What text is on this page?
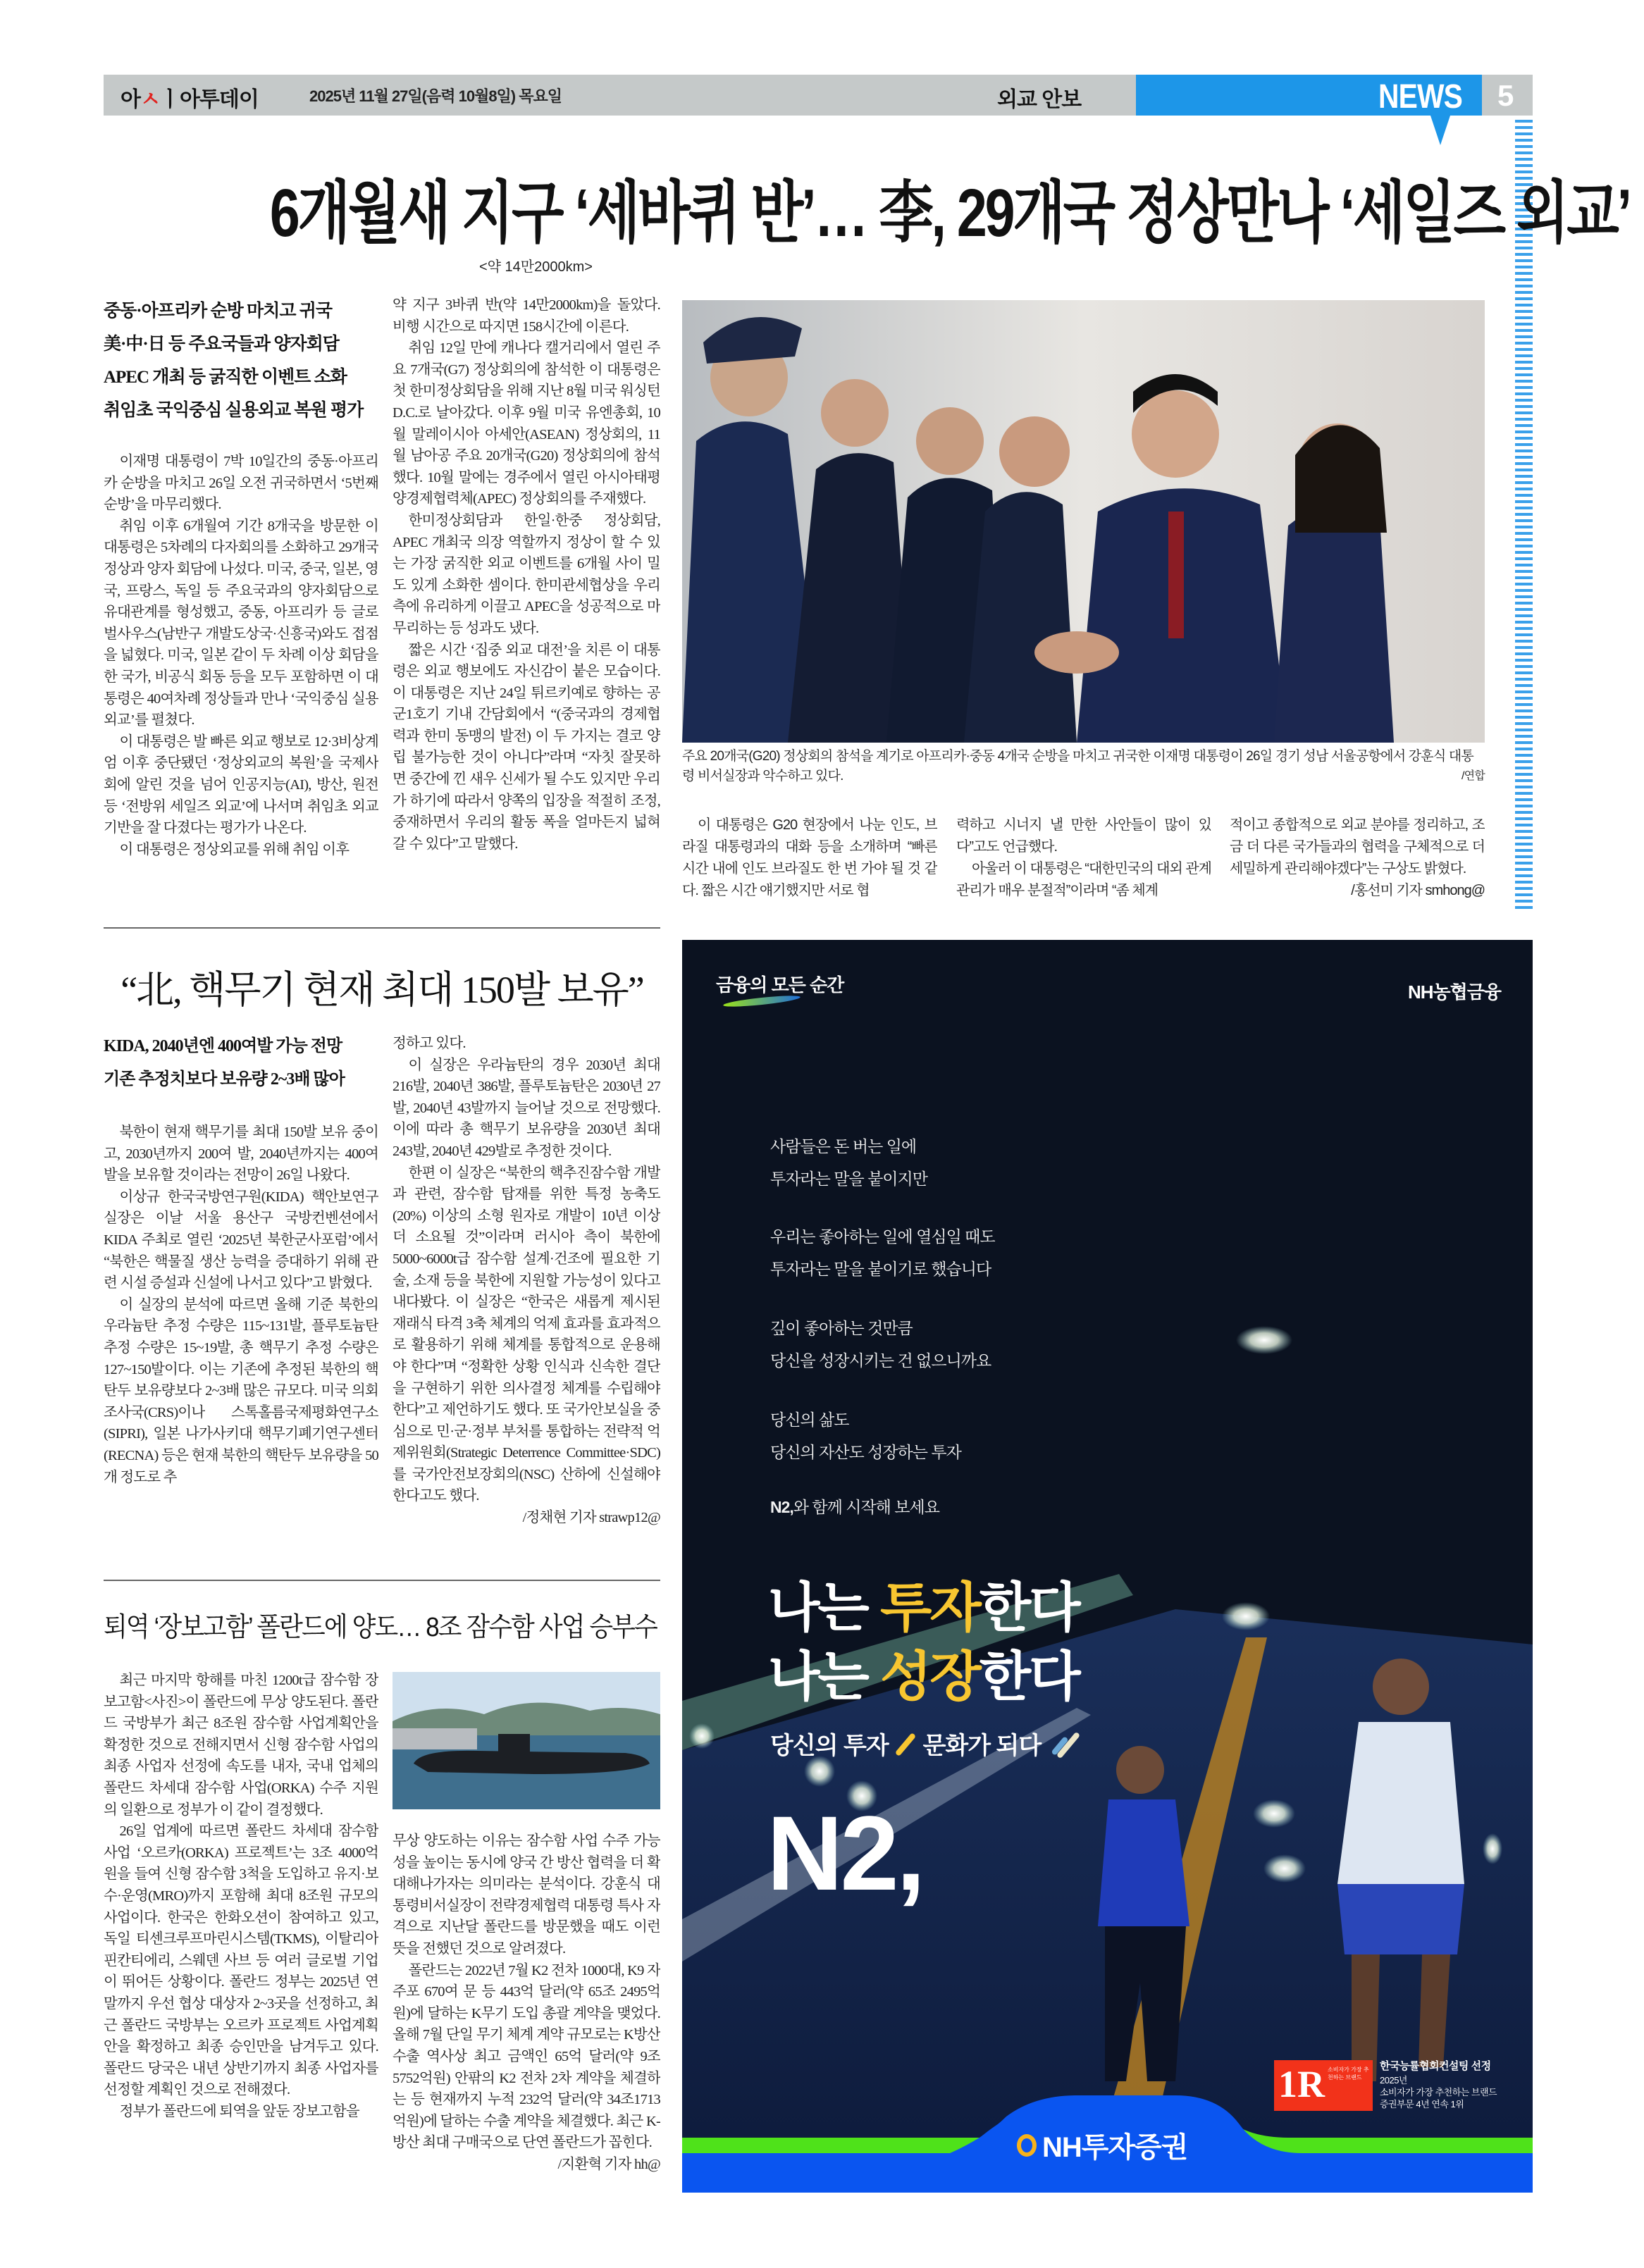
아ㅅㅣ아투데이	2025년 11월 27일(음력 10월8일) 목요일	외교 안보	NEWS 5
6개월새 지구 ‘세바퀴 반’… 李, 29개국 정상만나 ‘세일즈 외교’
<약 14만2000km>
중동·아프리카 순방 마치고 귀국
美·中·日 등 주요국들과 양자회담
APEC 개최 등 굵직한 이벤트 소화
취임초 국익중심 실용외교 복원 평가

이재명 대통령이 7박 10일간의 중동·아프리카 순방을 마치고 26일 오전 귀국하면서 ‘5번째 순방’을 마무리했다.

취임 이후 6개월여 기간 8개국을 방문한 이 대통령은 5차례의 다자회의를 소화하고 29개국 정상과 양자 회담에 나섰다. 미국, 중국, 일본, 영국, 프랑스, 독일 등 주요국과의 양자회담으로 유대관계를 형성했고, 중동, 아프리카 등 글로벌사우스(남반구 개발도상국·신흥국)와도 접점을 넓혔다. 미국, 일본 같이 두 차례 이상 회담을 한 국가, 비공식 회동 등을 모두 포함하면 이 대통령은 40여차례 정상들과 만나 ‘국익중심 실용외교’를 펼쳤다.

이 대통령은 발 빠른 외교 행보로 12·3비상계엄 이후 중단됐던 ‘정상외교의 복원’을 국제사회에 알린 것을 넘어 인공지능(AI), 방산, 원전 등 ‘전방위 세일즈 외교’에 나서며 취임초 외교 기반을 잘 다졌다는 평가가 나온다.

이 대통령은 정상외교를 위해 취임 이후

약 지구 3바퀴 반(약 14만2000km)을 돌았다. 비행 시간으로 따지면 158시간에 이른다.

취임 12일 만에 캐나다 캘거리에서 열린 주요 7개국(G7) 정상회의에 참석한 이 대통령은 첫 한미정상회담을 위해 지난 8월 미국 워싱턴D.C.로 날아갔다. 이후 9월 미국 유엔총회, 10월 말레이시아 아세안(ASEAN) 정상회의, 11월 남아공 주요 20개국(G20) 정상회의에 참석했다. 10월 말에는 경주에서 열린 아시아태평양경제협력체(APEC) 정상회의를 주재했다.

한미정상회담과 한일·한중 정상회담, APEC 개최국 의장 역할까지 정상이 할 수 있는 가장 굵직한 외교 이벤트를 6개월 사이 밀도 있게 소화한 셈이다. 한미관세협상을 우리 측에 유리하게 이끌고 APEC을 성공적으로 마무리하는 등 성과도 냈다.

짧은 시간 ‘집중 외교 대전’을 치른 이 대통령은 외교 행보에도 자신감이 붙은 모습이다. 이 대통령은 지난 24일 튀르키예로 향하는 공군1호기 기내 간담회에서 “(중국과의 경제협력과 한미 동맹의 발전) 이 두 가지는 결코 양립 불가능한 것이 아니다”라며 “자칫 잘못하면 중간에 낀 새우 신세가 될 수도 있지만 우리가 하기에 따라서 양쪽의 입장을 적절히 조정, 중재하면서 우리의 활동 폭을 얼마든지 넓혀갈 수 있다”고 말했다.

주요 20개국(G20) 정상회의 참석을 계기로 아프리카·중동 4개국 순방을 마치고 귀국한 이재명 대통령이 26일 경기 성남 서울공항에서 강훈식 대통령 비서실장과 악수하고 있다.	/연합

이 대통령은 G20 현장에서 나눈 인도, 브라질 대통령과의 대화 등을 소개하며 “빠른 시간 내에 인도 브라질도 한 번 가야 될 것 같다. 짧은 시간 얘기했지만 서로 협

력하고 시너지 낼 만한 사안들이 많이 있다”고도 언급했다.

아울러 이 대통령은 “대한민국의 대외 관계 관리가 매우 분절적”이라며 “좀 체계

적이고 종합적으로 외교 분야를 정리하고, 조금 더 다른 국가들과의 협력을 구체적으로 더 세밀하게 관리해야겠다”는 구상도 밝혔다.

/홍선미 기자 smhong@

“北, 핵무기 현재 최대 150발 보유”
KIDA, 2040년엔 400여발 가능 전망
기존 추정치보다 보유량 2~3배 많아

북한이 현재 핵무기를 최대 150발 보유 중이고, 2030년까지 200여 발, 2040년까지는 400여 발을 보유할 것이라는 전망이 26일 나왔다.

이상규 한국국방연구원(KIDA) 핵안보연구실장은 이날 서울 용산구 국방컨벤션에서 KIDA 주최로 열린 ‘2025년 북한군사포럼’에서 “북한은 핵물질 생산 능력을 증대하기 위해 관련 시설 증설과 신설에 나서고 있다”고 밝혔다.

이 실장의 분석에 따르면 올해 기준 북한의 우라늄탄 추정 수량은 115~131발, 플루토늄탄 추정 수량은 15~19발, 총 핵무기 추정 수량은 127~150발이다. 이는 기존에 추정된 북한의 핵탄두 보유량보다 2~3배 많은 규모다. 미국 의회조사국(CRS)이나 스톡홀름국제평화연구소(SIPRI), 일본 나가사키대 핵무기폐기연구센터(RECNA) 등은 현재 북한의 핵탄두 보유량을 50개 정도로 추

정하고 있다.

이 실장은 우라늄탄의 경우 2030년 최대 216발, 2040년 386발, 플루토늄탄은 2030년 27발, 2040년 43발까지 늘어날 것으로 전망했다. 이에 따라 총 핵무기 보유량을 2030년 최대 243발, 2040년 429발로 추정한 것이다.

한편 이 실장은 “북한의 핵추진잠수함 개발과 관련, 잠수함 탑재를 위한 특정 농축도(20%) 이상의 소형 원자로 개발이 10년 이상 더 소요될 것”이라며 러시아 측이 북한에 5000~6000t급 잠수함 설계·건조에 필요한 기술, 소재 등을 북한에 지원할 가능성이 있다고 내다봤다. 이 실장은 “한국은 새롭게 제시된 재래식 타격 3축 체계의 억제 효과를 효과적으로 활용하기 위해 체계를 통합적으로 운용해야 한다”며 “정확한 상황 인식과 신속한 결단을 구현하기 위한 의사결정 체계를 수립해야 한다”고 제언하기도 했다. 또 국가안보실을 중심으로 민·군·정부 부처를 통합하는 전략적 억제위원회(Strategic Deterrence Committee·SDC)를 국가안전보장회의(NSC) 산하에 신설해야 한다고도 했다.

/정채현 기자 strawp12@

퇴역 ‘장보고함’ 폴란드에 양도… 8조 잠수함 사업 승부수

최근 마지막 항해를 마친 1200t급 잠수함 장보고함<사진>이 폴란드에 무상 양도된다. 폴란드 국방부가 최근 8조원 잠수함 사업계획안을 확정한 것으로 전해지면서 신형 잠수함 사업의 최종 사업자 선정에 속도를 내자, 국내 업체의 폴란드 차세대 잠수함 사업(ORKA) 수주 지원의 일환으로 정부가 이 같이 결정했다.

26일 업계에 따르면 폴란드 차세대 잠수함 사업 ‘오르카(ORKA) 프로젝트’는 3조 4000억원을 들여 신형 잠수함 3척을 도입하고 유지·보수·운영(MRO)까지 포함해 최대 8조원 규모의 사업이다. 한국은 한화오션이 참여하고 있고, 독일 티센크루프마린시스템(TKMS), 이탈리아 핀칸티에리, 스웨덴 사브 등 여러 글로벌 기업이 뛰어든 상황이다. 폴란드 정부는 2025년 연말까지 우선 협상 대상자 2~3곳을 선정하고, 최근 폴란드 국방부는 오르카 프로젝트 사업계획안을 확정하고 최종 승인만을 남겨두고 있다. 폴란드 당국은 내년 상반기까지 최종 사업자를 선정할 계획인 것으로 전해졌다.

정부가 폴란드에 퇴역을 앞둔 장보고함을

무상 양도하는 이유는 잠수함 사업 수주 가능성을 높이는 동시에 양국 간 방산 협력을 더 확대해나가자는 의미라는 분석이다. 강훈식 대통령비서실장이 전략경제협력 대통령 특사 자격으로 지난달 폴란드를 방문했을 때도 이런 뜻을 전했던 것으로 알려졌다.

폴란드는 2022년 7월 K2 전차 1000대, K9 자주포 670여 문 등 443억 달러(약 65조 2495억원)에 달하는 K무기 도입 총괄 계약을 맺었다. 올해 7월 단일 무기 체계 계약 규모로는 K방산 수출 역사상 최고 금액인 65억 달러(약 9조5752억원) 안팎의 K2 전차 2차 계약을 체결하는 등 현재까지 누적 232억 달러(약 34조1713억원)에 달하는 수출 계약을 체결했다. 최근 K-방산 최대 구매국으로 단연 폴란드가 꼽힌다.

/지환혁 기자 hh@

금융의 모든 순간	NH농협금융
사람들은 돈 버는 일에
투자라는 말을 붙이지만
우리는 좋아하는 일에 열심일 때도
투자라는 말을 붙이기로 했습니다
깊이 좋아하는 것만큼
당신을 성장시키는 건 없으니까요
당신의 삶도
당신의 자산도 성장하는 투자
N2,와 함께 시작해 보세요
나는 투자한다
나는 성장한다
당신의 투자 문화가 되다
N2,
1R 소비자가 가장 추천하는 브랜드
한국능률협회컨설팅 선정
2025년
소비자가 가장 추천하는 브랜드
증권부문 4년 연속 1위
NH투자증권
